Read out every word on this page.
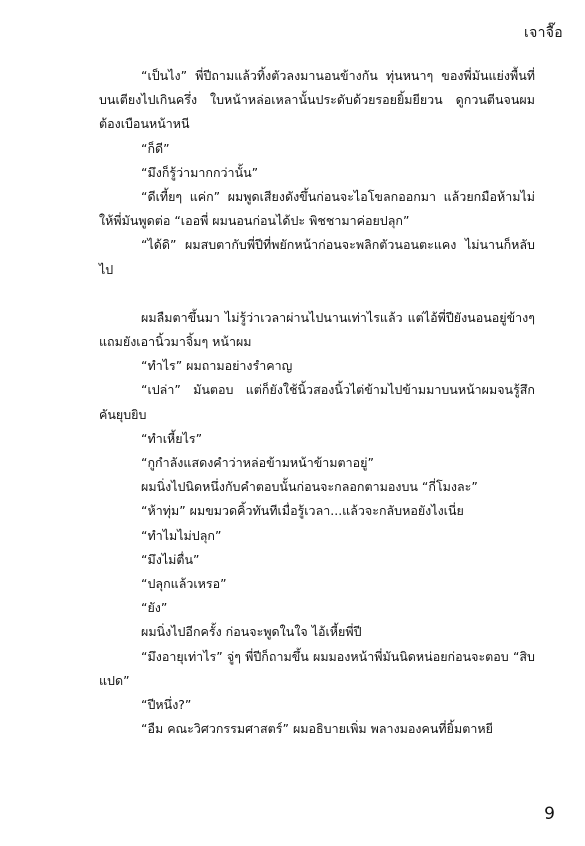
เจาจื๊อ

“เป็นไง” พี่ปีถามแล้วทิ้งตัวลงมานอนข้างกัน ทุ่นหนาๆ ของพี่มันแย่งพื้นที่บนเตียงไปเกินครึ่ง ใบหน้าหล่อเหลานั้นประดับด้วยรอยยิ้มยียวน ดูกวนตีนจนผมต้องเบือนหน้าหนี

“ก็ดี”

“มึงก็รู้ว่ามากกว่านั้น”

“ดีเที้ยๆ แค่ก” ผมพูดเสียงดังขึ้นก่อนจะไอโขลกออกมา แล้วยกมือห้ามไม่ให้พี่มันพูดต่อ “เออพี่ ผมนอนก่อนได้ปะ พิชชามาค่อยปลุก”

“ได้ดิ” ผมสบตากับพี่ปีที่พยักหน้าก่อนจะพลิกตัวนอนตะแคง ไม่นานก็หลับไป

ผมลืมตาขึ้นมา ไม่รู้ว่าเวลาผ่านไปนานเท่าไรแล้ว แต่ไอ้พี่ปียังนอนอยู่ข้างๆ แถมยังเอานิ้วมาจิ้มๆ หน้าผม

“ทำไร” ผมถามอย่างรำคาญ

“เปล่า” มันตอบ แต่ก็ยังใช้นิ้วสองนิ้วไต่ข้ามไปข้ามมาบนหน้าผมจนรู้สึกคันยุบยิบ

“ทำเหี้ยไร”

“กูกำลังแสดงคำว่าหล่อข้ามหน้าข้ามตาอยู่”

ผมนิ่งไปนิดหนึ่งกับคำตอบนั้นก่อนจะกลอกตามองบน “กี่โมงละ”

“ห้าทุ่ม” ผมขมวดคิ้วทันทีเมื่อรู้เวลา...แล้วจะกลับหอยังไงเนี่ย

“ทำไมไม่ปลุก”

“มึงไม่ตื่น”

“ปลุกแล้วเหรอ”

“ยัง”

ผมนิ่งไปอีกครั้ง ก่อนจะพูดในใจ ไอ้เหี้ยพี่ปี

“มึงอายุเท่าไร” จู่ๆ พี่ปีก็ถามขึ้น ผมมองหน้าพี่มันนิดหน่อยก่อนจะตอบ “สิบแปด”

“ปีหนึ่ง?”

“อืม คณะวิศวกรรมศาสตร์” ผมอธิบายเพิ่ม พลางมองคนที่ยิ้มตาหยี

9
